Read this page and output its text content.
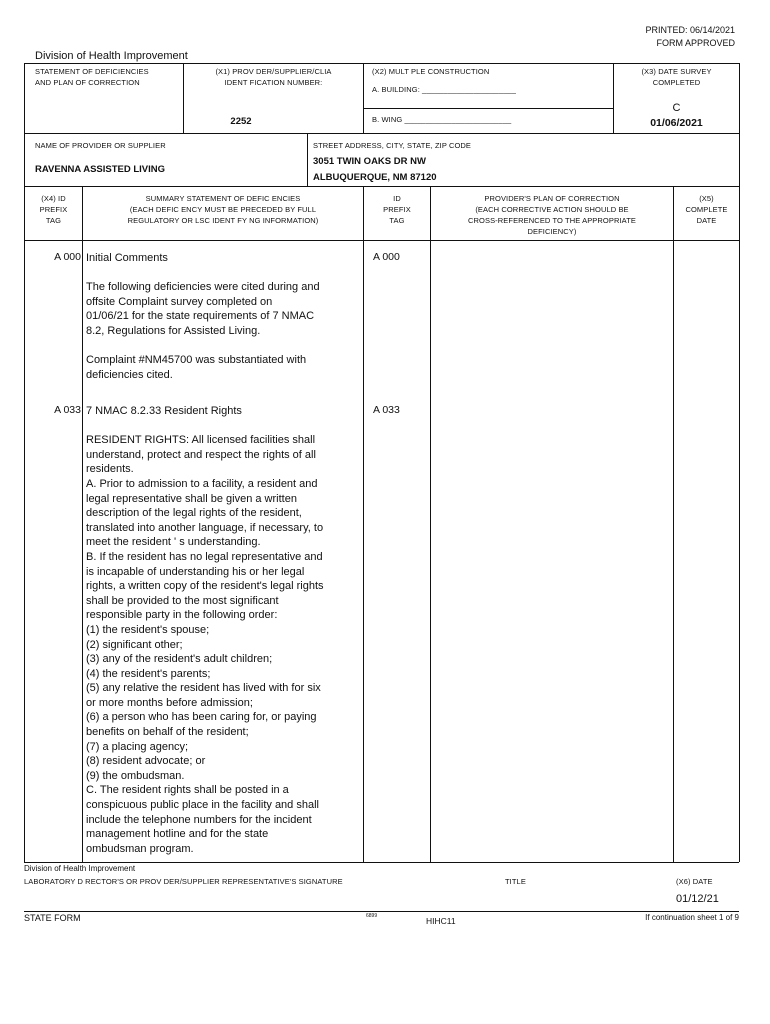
PRINTED: 06/14/2021
FORM APPROVED
Division of Health Improvement
STATEMENT OF DEFICIENCIES
AND PLAN OF CORRECTION
(X1) PROV DER/SUPPLIER/CLIA
IDENT FICATION NUMBER:
2252
(X2) MULT PLE CONSTRUCTION
A. BUILDING: ______________________
B. WING _________________________
(X3) DATE SURVEY
COMPLETED
C
01/06/2021
NAME OF PROVIDER OR SUPPLIER
RAVENNA ASSISTED LIVING
STREET ADDRESS, CITY, STATE, ZIP CODE
3051 TWIN OAKS DR NW
ALBUQUERQUE, NM 87120
(X4) ID
PREFIX
TAG
SUMMARY STATEMENT OF DEFIC ENCIES
(EACH DEFIC ENCY MUST BE PRECEDED BY FULL
REGULATORY OR LSC IDENT FY NG INFORMATION)
ID
PREFIX
TAG
PROVIDER'S PLAN OF CORRECTION
(EACH CORRECTIVE ACTION SHOULD BE
CROSS-REFERENCED TO THE APPROPRIATE
DEFICIENCY)
(X5)
COMPLETE
DATE
A 000	A 000

Initial Comments

The following deficiencies were cited during and
offsite Complaint survey completed on
01/06/21 for the state requirements of 7 NMAC
8.2, Regulations for Assisted Living.

Complaint #NM45700 was substantiated with
deficiencies cited.

A 033	A 033

7 NMAC 8.2.33 Resident Rights

RESIDENT RIGHTS: All licensed facilities shall
understand, protect and respect the rights of all
residents.
A. Prior to admission to a facility, a resident and
legal representative shall be given a written
description of the legal rights of the resident,
translated into another language, if necessary, to
meet the resident ' s understanding.
B. If the resident has no legal representative and
is incapable of understanding his or her legal
rights, a written copy of the resident's legal rights
shall be provided to the most significant
responsible party in the following order:
(1) the resident's spouse;
(2) significant other;
(3) any of the resident's adult children;
(4) the resident's parents;
(5) any relative the resident has lived with for six
or more months before admission;
(6) a person who has been caring for, or paying
benefits on behalf of the resident;
(7) a placing agency;
(8) resident advocate; or
(9) the ombudsman.
C. The resident rights shall be posted in a
conspicuous public place in the facility and shall
include the telephone numbers for the incident
management hotline and for the state
ombudsman program.

Division of Health Improvement
LABORATORY D RECTOR'S OR PROV DER/SUPPLIER REPRESENTATIVE'S SIGNATURE	TITLE	(X6) DATE
01/12/21
STATE FORM	6899	HIHC11	If continuation sheet 1 of 9
